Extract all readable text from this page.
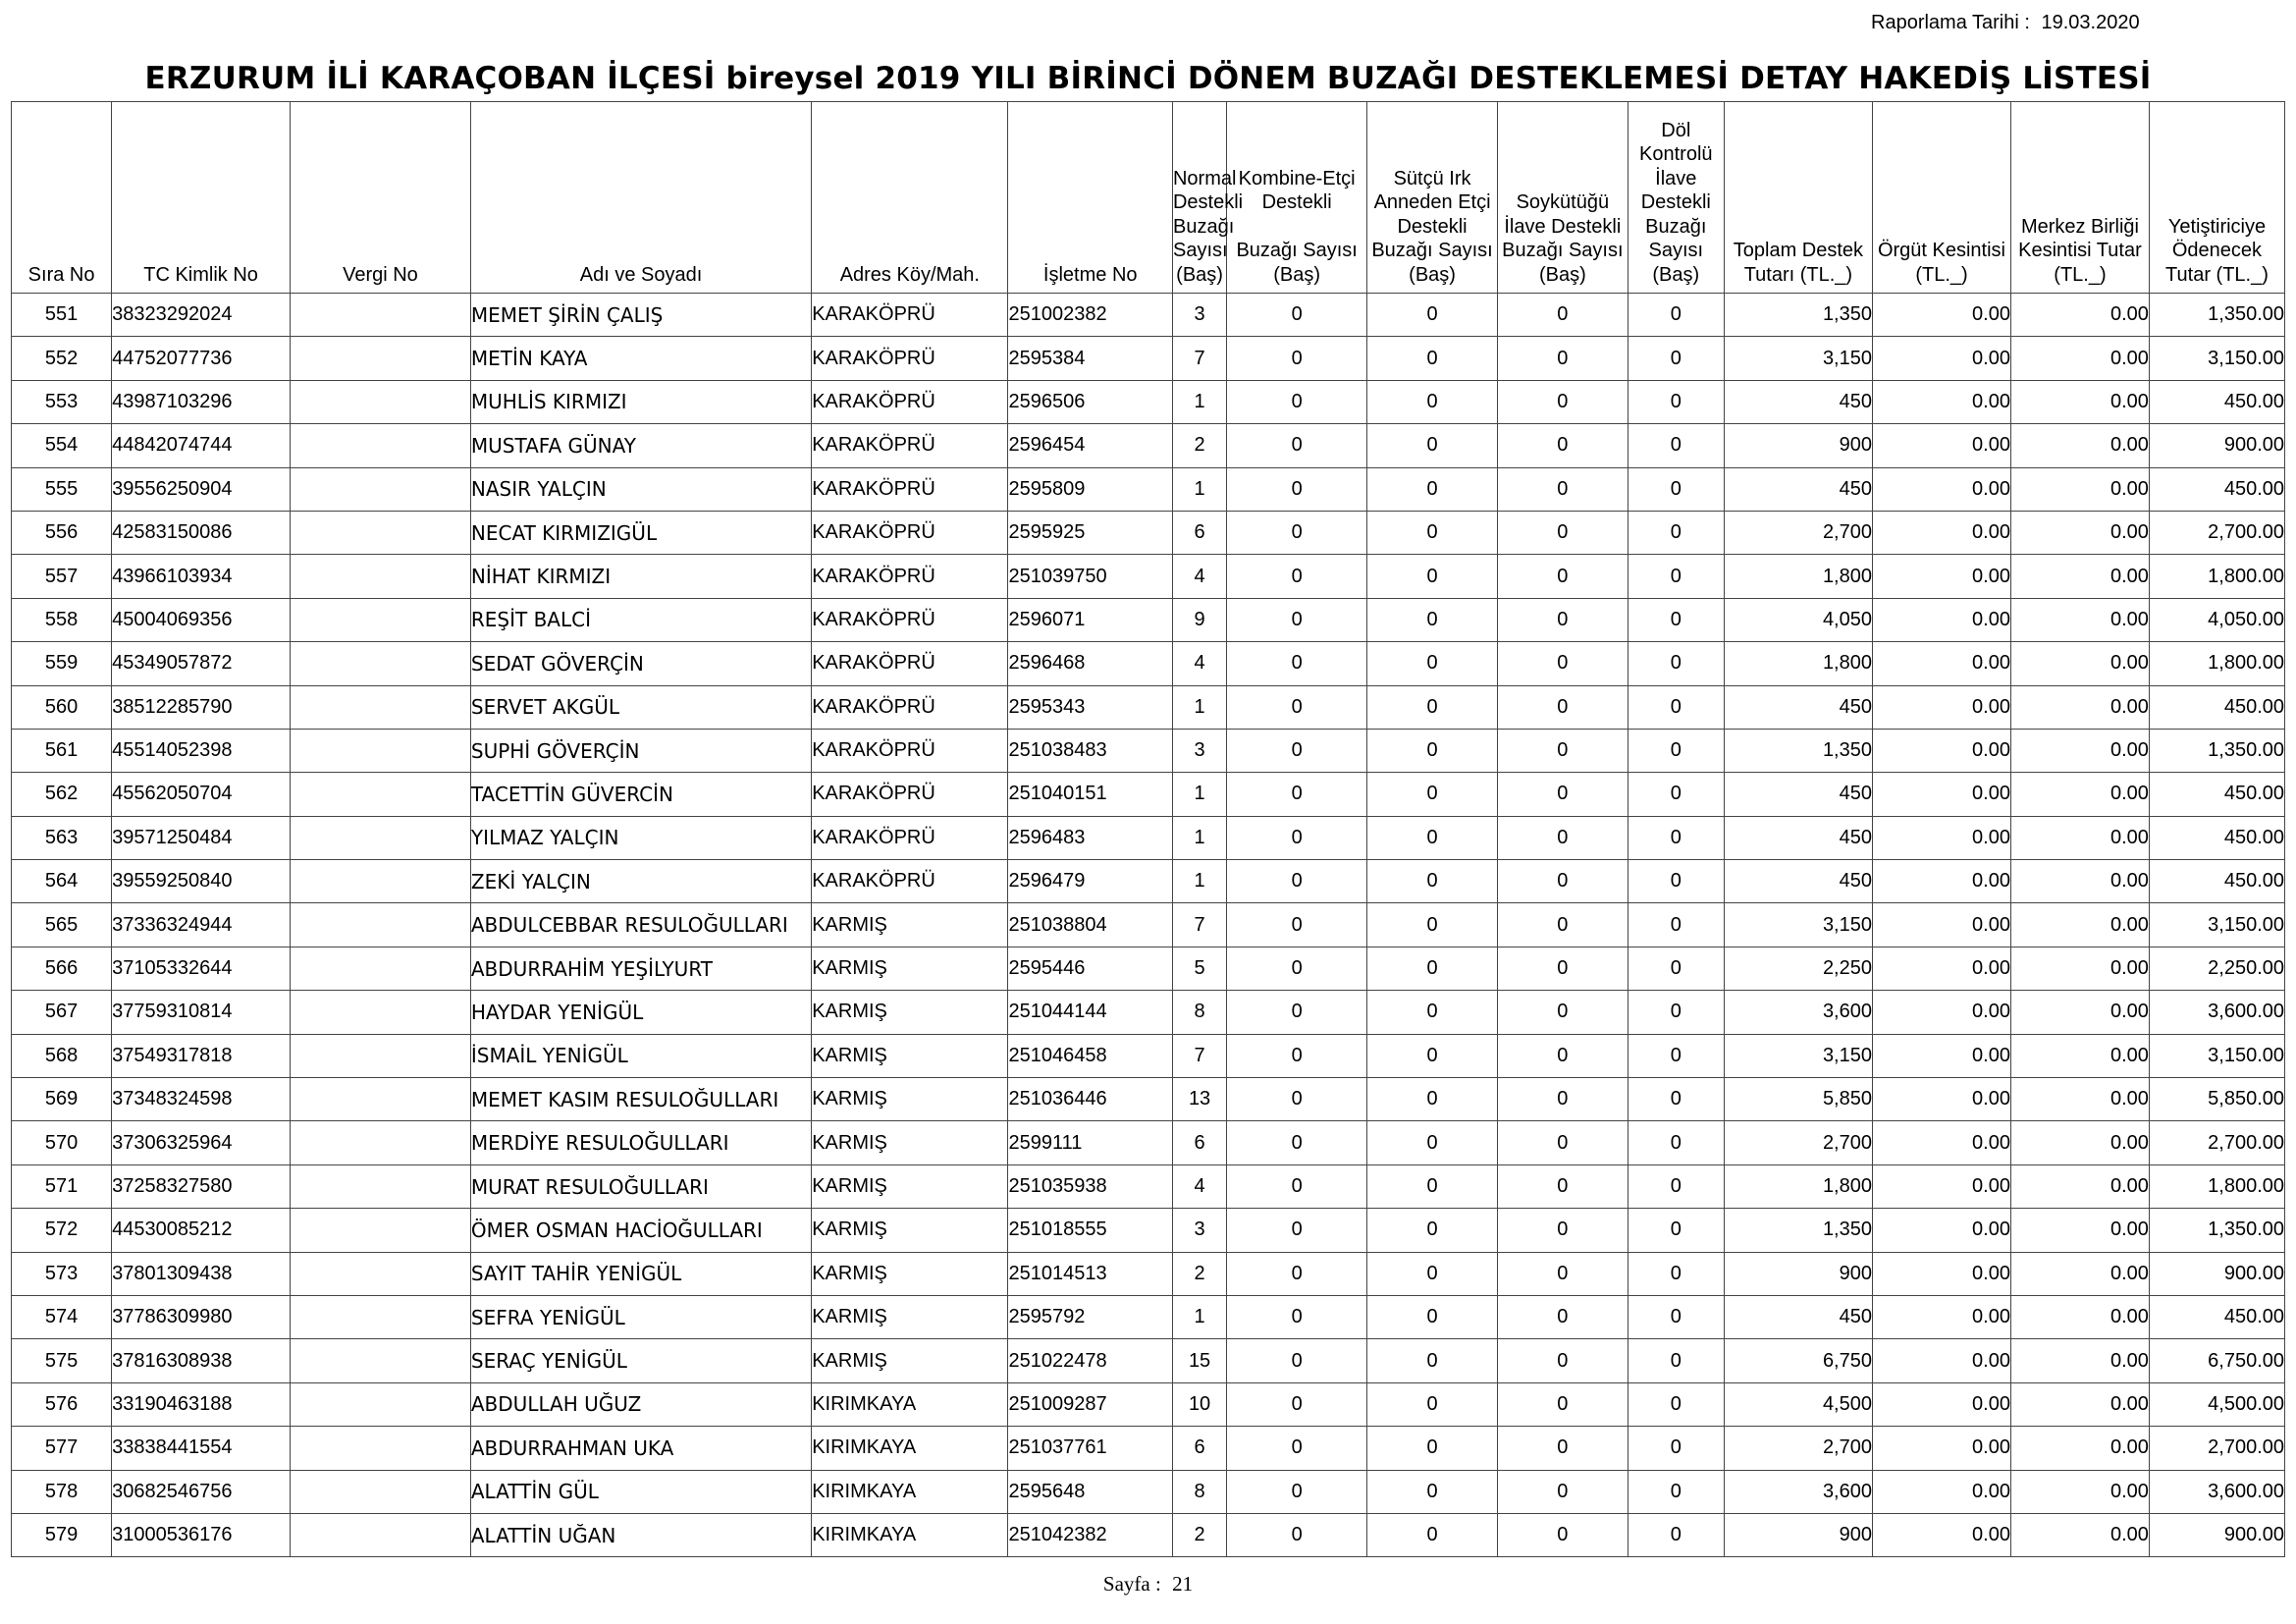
Raporlama Tarihi : 19.03.2020
ERZURUM İLİ KARAÇOBAN İLÇESİ bireysel 2019 YILI BİRİNCİ DÖNEM BUZAĞI DESTEKLEMESİ DETAY HAKEDİŞ LİSTESİ
Sıra No	TC Kimlik No	Vergi No	Adı ve Soyadı	Adres Köy/Mah.	İşletme No	Normal Destekli Buzağı Sayısı (Baş)	Kombine-Etçi Destekli

Buzağı Sayısı (Baş)	Sütçü Irk Anneden Etçi Destekli Buzağı Sayısı (Baş)	Soykütüğü İlave Destekli Buzağı Sayısı (Baş)	Döl Kontrolü İlave Destekli Buzağı Sayısı (Baş)	Toplam Destek Tutarı (TL._)	Örgüt Kesintisi (TL._)	Merkez Birliği Kesintisi Tutar (TL._)	Yetiştiriciye Ödenecek Tutar (TL._)
551	38323292024		MEMET ŞİRİN ÇALIŞ	KARAKÖPRÜ	251002382	3	0	0	0	0	1,350	0.00	0.00	1,350.00
552	44752077736		METİN KAYA	KARAKÖPRÜ	2595384	7	0	0	0	0	3,150	0.00	0.00	3,150.00
553	43987103296		MUHLİS KIRMIZI	KARAKÖPRÜ	2596506	1	0	0	0	0	450	0.00	0.00	450.00
554	44842074744		MUSTAFA GÜNAY	KARAKÖPRÜ	2596454	2	0	0	0	0	900	0.00	0.00	900.00
555	39556250904		NASIR YALÇIN	KARAKÖPRÜ	2595809	1	0	0	0	0	450	0.00	0.00	450.00
556	42583150086		NECAT KIRMIZIGÜL	KARAKÖPRÜ	2595925	6	0	0	0	0	2,700	0.00	0.00	2,700.00
557	43966103934		NİHAT KIRMIZI	KARAKÖPRÜ	251039750	4	0	0	0	0	1,800	0.00	0.00	1,800.00
558	45004069356		REŞİT BALCİ	KARAKÖPRÜ	2596071	9	0	0	0	0	4,050	0.00	0.00	4,050.00
559	45349057872		SEDAT GÖVERÇİN	KARAKÖPRÜ	2596468	4	0	0	0	0	1,800	0.00	0.00	1,800.00
560	38512285790		SERVET AKGÜL	KARAKÖPRÜ	2595343	1	0	0	0	0	450	0.00	0.00	450.00
561	45514052398		SUPHİ GÖVERÇİN	KARAKÖPRÜ	251038483	3	0	0	0	0	1,350	0.00	0.00	1,350.00
562	45562050704		TACETTİN GÜVERCİN	KARAKÖPRÜ	251040151	1	0	0	0	0	450	0.00	0.00	450.00
563	39571250484		YILMAZ YALÇIN	KARAKÖPRÜ	2596483	1	0	0	0	0	450	0.00	0.00	450.00
564	39559250840		ZEKİ YALÇIN	KARAKÖPRÜ	2596479	1	0	0	0	0	450	0.00	0.00	450.00
565	37336324944		ABDULCEBBAR RESULOĞULLARI	KARMIŞ	251038804	7	0	0	0	0	3,150	0.00	0.00	3,150.00
566	37105332644		ABDURRAHİM YEŞİLYURT	KARMIŞ	2595446	5	0	0	0	0	2,250	0.00	0.00	2,250.00
567	37759310814		HAYDAR YENİGÜL	KARMIŞ	251044144	8	0	0	0	0	3,600	0.00	0.00	3,600.00
568	37549317818		İSMAİL YENİGÜL	KARMIŞ	251046458	7	0	0	0	0	3,150	0.00	0.00	3,150.00
569	37348324598		MEMET KASIM RESULOĞULLARI	KARMIŞ	251036446	13	0	0	0	0	5,850	0.00	0.00	5,850.00
570	37306325964		MERDİYE RESULOĞULLARI	KARMIŞ	2599111	6	0	0	0	0	2,700	0.00	0.00	2,700.00
571	37258327580		MURAT RESULOĞULLARI	KARMIŞ	251035938	4	0	0	0	0	1,800	0.00	0.00	1,800.00
572	44530085212		ÖMER OSMAN HACİOĞULLARI	KARMIŞ	251018555	3	0	0	0	0	1,350	0.00	0.00	1,350.00
573	37801309438		SAYIT TAHİR YENİGÜL	KARMIŞ	251014513	2	0	0	0	0	900	0.00	0.00	900.00
574	37786309980		SEFRA YENİGÜL	KARMIŞ	2595792	1	0	0	0	0	450	0.00	0.00	450.00
575	37816308938		SERAÇ YENİGÜL	KARMIŞ	251022478	15	0	0	0	0	6,750	0.00	0.00	6,750.00
576	33190463188		ABDULLAH UĞUZ	KIRIMKAYA	251009287	10	0	0	0	0	4,500	0.00	0.00	4,500.00
577	33838441554		ABDURRAHMAN UKA	KIRIMKAYA	251037761	6	0	0	0	0	2,700	0.00	0.00	2,700.00
578	30682546756		ALATTİN GÜL	KIRIMKAYA	2595648	8	0	0	0	0	3,600	0.00	0.00	3,600.00
579	31000536176		ALATTİN UĞAN	KIRIMKAYA	251042382	2	0	0	0	0	900	0.00	0.00	900.00
Sayfa : 21
